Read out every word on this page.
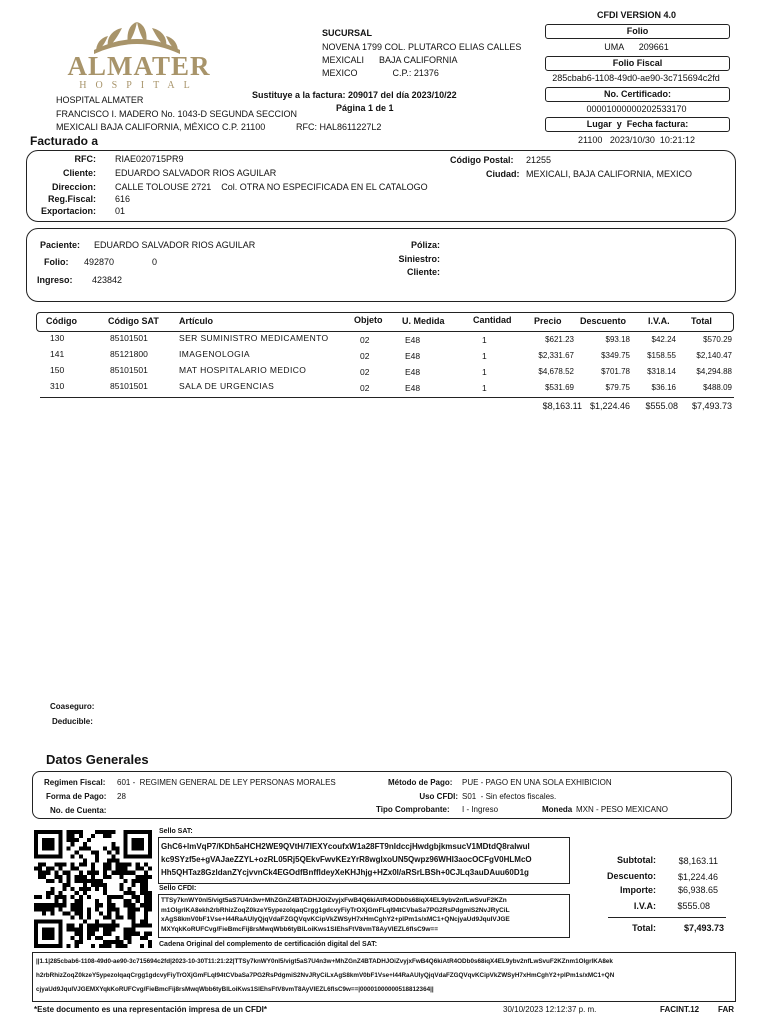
ALMATER
HOSPITAL
HOSPITAL ALMATER
FRANCISCO I. MADERO No. 1043-D SEGUNDA SECCION
MEXICALI BAJA CALIFORNIA, MÉXICO C.P. 21100	RFC: HAL8611227L2
SUCURSAL
NOVENA 1799 COL. PLUTARCO ELIAS CALLES
MEXICALI      BAJA CALIFORNIA
MEXICO              C.P.: 21376
Sustituye a la factura: 209017 del día 2023/10/22
Página 1 de 1
CFDI VERSION 4.0
Folio
UMA      209661
Folio Fiscal
285cbab6-1108-49d0-ae90-3c715694c2fd
No. Certificado:
00001000000202533170
Lugar  y  Fecha factura:
21100   2023/10/30  10:21:12
Facturado a
RFC: RIAE020715PR9
Cliente: EDUARDO SALVADOR RIOS AGUILAR
Direccion: CALLE TOLOUSE 2721    Col. OTRA NO ESPECIFICADA EN EL CATALOGO
Reg.Fiscal: 616
Exportacion: 01
Código Postal: 21255
Ciudad: MEXICALI, BAJA CALIFORNIA, MEXICO
Paciente: EDUARDO SALVADOR RIOS AGUILAR
Folio: 492870	0
Ingreso: 423842
Póliza:
Siniestro:
Cliente:
Código	Código SAT Artículo	Objeto U. Medida	Cantidad Precio Descuento I.V.A. Total
130	85101501	SER SUMINISTRO MEDICAMENTO	02	E48	1	$621.23	$93.18	$42.24	$570.29
141	85121800	IMAGENOLOGIA	02	E48	1	$2,331.67	$349.75	$158.55	$2,140.47
150	85101501	MAT HOSPITALARIO MEDICO	02	E48	1	$4,678.52	$701.78	$318.14	$4,294.88
310	85101501	SALA DE URGENCIAS	02	E48	1	$531.69	$79.75	$36.16	$488.09
$8,163.11 $1,224.46	$555.08	$7,493.73
Coaseguro:
Deducible:
Datos Generales
Regimen Fiscal: 601 -  REGIMEN GENERAL DE LEY PERSONAS MORALES
Forma de Pago: 28
No. de Cuenta:
Método de Pago: PUE - PAGO EN UNA SOLA EXHIBICION
Uso CFDI: S01  - Sin efectos fiscales.
Tipo Comprobante: I - Ingreso	Moneda MXN - PESO MEXICANO
Sello SAT:
GhC6+lmVqP7/KDh5aHCH2WE9QVtH/7IEXYcoufxW1a28FT9nIdccjHwdgbjkmsucV1MDtdQ8ralwul
kc9SYzf5e+gVAJaeZZYL+ozRL05Rj5QEkvFwvKEzYrR8wgIxoUN5Qwpz96WHI3aocOCFgV0HLMcO
Hh5QHTaz8GzldanZYcjvvnCk4EGOdfBnffldeyXeKHJhjg+HZx0l/aRSrLBSh+0CJLq3auDAuu60D1g
Sello CFDI:
TTSy7knWY0nl5/vigt5aS7U4n3w+MhZGnZ4BTADHJOiZvyjxFwB4Q6kiAtR4ODb0s68iqX4EL9ybv2nfLwSvuF2KZn
m1OlgrlKA8ekh2rbRhizZoqZ0kzeY5ypezolqaqCrgg1gdcvyFiyTrOXjGmFLql94tCVbaSa7PG2RsPdgmiS2NvJRyCiL
xAgS8kmV0bF1Vse+l44RaAUlyQjqVdaFZGQVqvKCipVkZWSyH7xHmCghY2+plPm1s/xMC1+QNcjyaUd9JquIVJGE
MXYqkKoRUFCvg/FieBmcFij8rsMwqWbb6tyBlLoiKws1SlEhsFtV8vmT8AyVIEZL6flsC9w==
Cadena Original del complemento de certificación digital del SAT:
||1.1|285cbab6-1108-49d0-ae90-3c715694c2fd|2023-10-30T11:21:22|TTSy7knWY0nl5/vigt5aS7U4n3w+MhZGnZ4BTADHJOiZvyjxFwB4Q6kiAtR4ODb0s68iqX4EL9ybv2nfLwSvuF2KZnm1OlgrlKA8ek
h2rbRhizZoqZ0kzeY5ypezolqaqCrgg1gdcvyFiyTrOXjGmFLql94tCVbaSa7PG2RsPdgmiS2NvJRyCiLxAgS8kmV0bF1Vse+l44RaAUlyQjqVdaFZGQVqvKCipVkZWSyH7xHmCghY2+plPm1s/xMC1+QN
cjyaUd9JquIVJGEMXYqkKoRUFCvg/FieBmcFij8rsMwqWbb6tyBlLoiKws1SlEhsFtV8vmT8AyVIEZL6flsC9w==|00001000000518812364||
Subtotal:	$8,163.11
Descuento:	$1,224.46
Importe:	$6,938.65
I.V.A:	$555.08
Total:	$7,493.73
*Este documento es una representación impresa de un CFDI*	30/10/2023 12:12:37 p. m.	FACINT.12 FAR
